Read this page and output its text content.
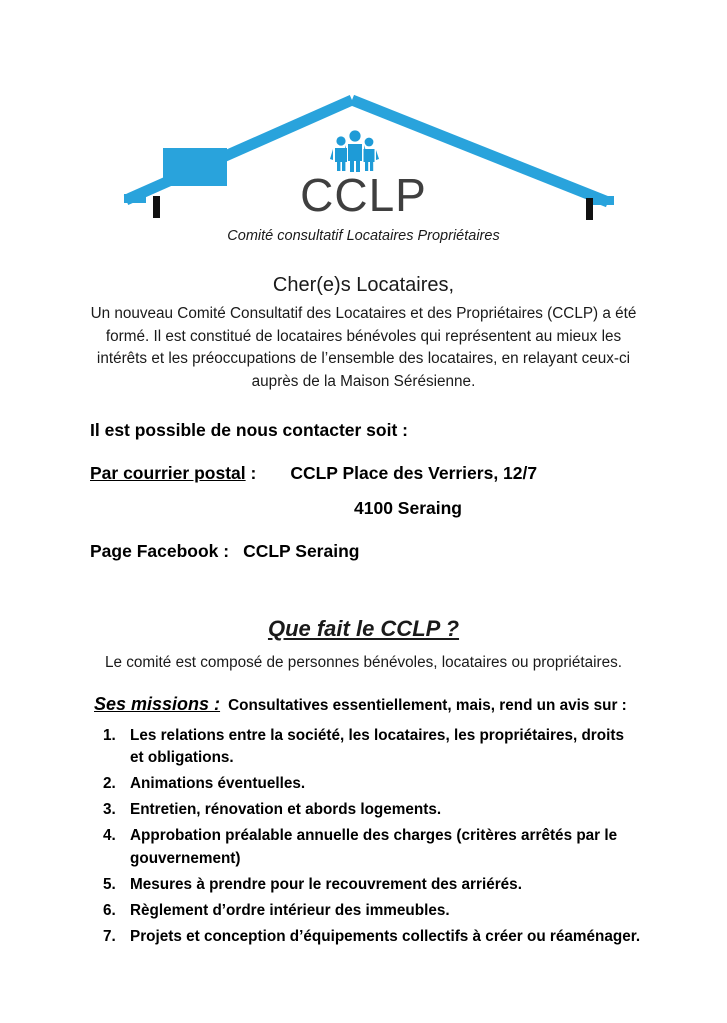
CCLP
Comité consultatif Locataires Propriétaires
Cher(e)s Locataires,

Un nouveau Comité Consultatif des Locataires et des Propriétaires (CCLP) a été formé. Il est constitué de locataires bénévoles qui représentent au mieux les intérêts et les préoccupations de l’ensemble des locataires, en relayant ceux-ci auprès de la Maison Sérésienne.

Il est possible de nous contacter soit :
Par courrier postal : CCLP Place des Verriers, 12/7
4100 Seraing
Page Facebook : CCLP Seraing
Que fait le CCLP ?
Le comité est composé de personnes bénévoles, locataires ou propriétaires.
Ses missions : Consultatives essentiellement, mais, rend un avis sur :
1. Les relations entre la société, les locataires, les propriétaires, droits et obligations.
2. Animations éventuelles.
3. Entretien, rénovation et abords logements.
4. Approbation préalable annuelle des charges (critères arrêtés par le gouvernement)
5. Mesures à prendre pour le recouvrement des arriérés.
6. Règlement d’ordre intérieur des immeubles.
7. Projets et conception d’équipements collectifs à créer ou réaménager.
